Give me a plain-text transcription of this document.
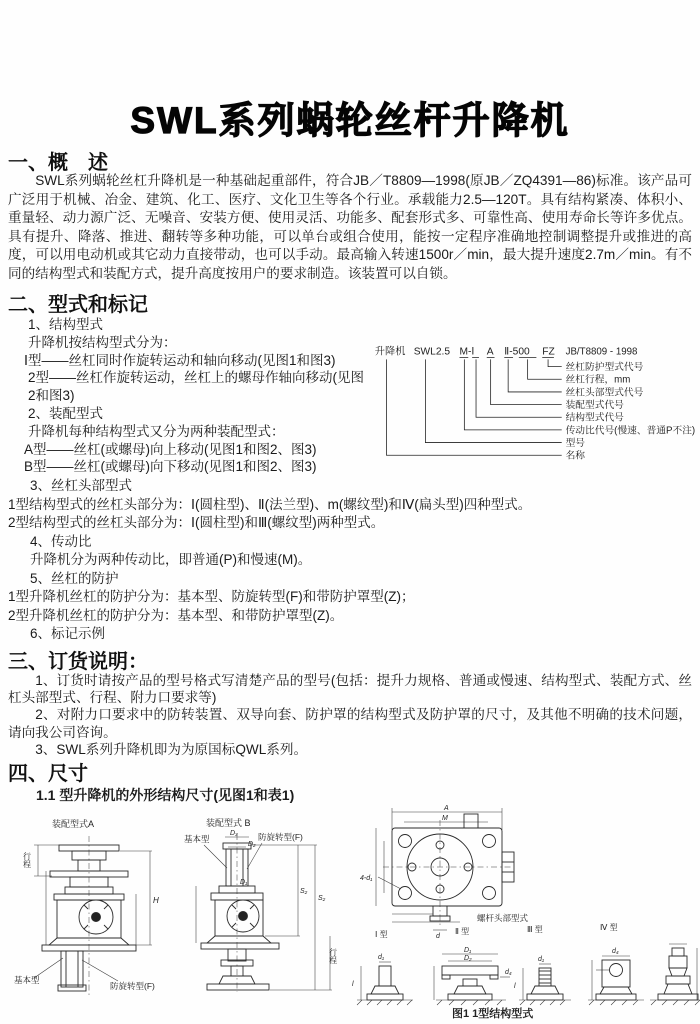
SWL系列蜗轮丝杆升降机
一、概　述

SWL系列蜗轮丝杠升降机是一种基础起重部件，符合JB／T8809—1998(原JB／ZQ4391—86)标准。该产品可广泛用于机械、冶金、建筑、化工、医疗、文化卫生等各个行业。承载能力2.5—120T。具有结构紧凑、体积小、重量轻、动力源广泛、无噪音、安装方便、使用灵活、功能多、配套形式多、可靠性高、使用寿命长等许多优点。具有提升、降落、推进、翻转等多种功能，可以单台或组合使用，能按一定程序准确地控制调整提升或推进的高度，可以用电动机或其它动力直接带动，也可以手动。最高输入转速1500r／min，最大提升速度2.7m／min。有不同的结构型式和装配方式，提升高度按用户的要求制造。该装置可以自锁。

二、型式和标记
1、结构型式
升降机按结构型式分为：
Ⅰ型——丝杠同时作旋转运动和轴向移动(见图1和图3)
2型——丝杠作旋转运动，丝杠上的螺母作轴向移动(见图2和图3)
2、装配型式
升降机每种结构型式又分为两种装配型式：
A型——丝杠(或螺母)向上移动(见图1和图2、图3)
B型——丝杠(或螺母)向下移动(见图1和图2、图3)
升降机 SWL2.5 M-Ⅰ A Ⅱ-500 FZ JB/T8809 - 1998
丝杠防护型式代号
丝杠行程，mm
丝杠头部型式代号
装配型式代号
结构型式代号
传动比代号(慢速、普通P不注)
型号
名称
3、丝杠头部型式
1型结构型式的丝杠头部分为：Ⅰ(圆柱型)、Ⅱ(法兰型)、m(螺纹型)和Ⅳ(扁头型)四种型式。
2型结构型式的丝杠头部分为：Ⅰ(圆柱型)和Ⅲ(螺纹型)两种型式。
4、传动比
升降机分为两种传动比，即普通(P)和慢速(M)。
5、丝杠的防护
1型升降机丝杠的防护分为：基本型、防旋转型(F)和带防护罩型(Z)；
2型升降机丝杠的防护分为：基本型、和带防护罩型(Z)。
6、标记示例
三、订货说明：

1、订货时请按产品的型号格式写清楚产品的型号(包括：提升力规格、普通或慢速、结构型式、装配方式、丝杠头部型式、行程、附力口要求等)

2、对附力口要求中的防转装置、双导向套、防护罩的结构型式及防护罩的尺寸，及其他不明确的技术问题，请向我公司咨询。

3、SWL系列升降机即为为原国标QWL系列。

四、尺寸
1.1 型升降机的外形结构尺寸(见图1和表1)
装配型式A
行程
H
基本型
防旋转型(F)
装配型式 B
D₃
D₂
D₁
基本型	防旋转型(F)
S₂
S₂
行程
A
M
4-d₁
d
螺杆头部型式
Ⅰ 型	Ⅱ 型	Ⅲ 型	Ⅳ 型
l
d₁
D₁
D₂
d₄
l
d₁
d₄
图1 1型结构型式
